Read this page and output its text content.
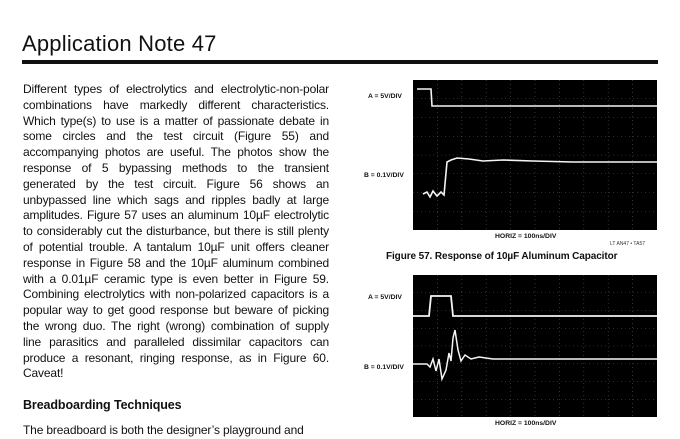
Application Note 47

Different types of electrolytics and electrolytic-non-polar combinations have markedly different characteristics. Which type(s) to use is a matter of passionate debate in some circles and the test circuit (Figure 55) and accompanying photos are useful. The photos show the response of 5 bypassing methods to the transient generated by the test circuit. Figure 56 shows an unbypassed line which sags and ripples badly at large amplitudes. Figure 57 uses an aluminum 10µF electrolytic to considerably cut the disturbance, but there is still plenty of potential trouble. A tantalum 10µF unit offers cleaner response in Figure 58 and the 10µF aluminum combined with a 0.01µF ceramic type is even better in Figure 59. Combining electrolytics with non-polarized capacitors is a popular way to get good response but beware of picking the wrong duo. The right (wrong) combination of supply line parasitics and paralleled dissimilar capacitors can produce a resonant, ringing response, as in Figure 60. Caveat!

Breadboarding Techniques
The breadboard is both the designer’s playground and
A = 5V/DIV
B = 0.1V/DIV
HORIZ = 100ns/DIV
LT AN47 • TA57
Figure 57. Response of 10µF Aluminum Capacitor
A = 5V/DIV
B = 0.1V/DIV
HORIZ = 100ns/DIV
